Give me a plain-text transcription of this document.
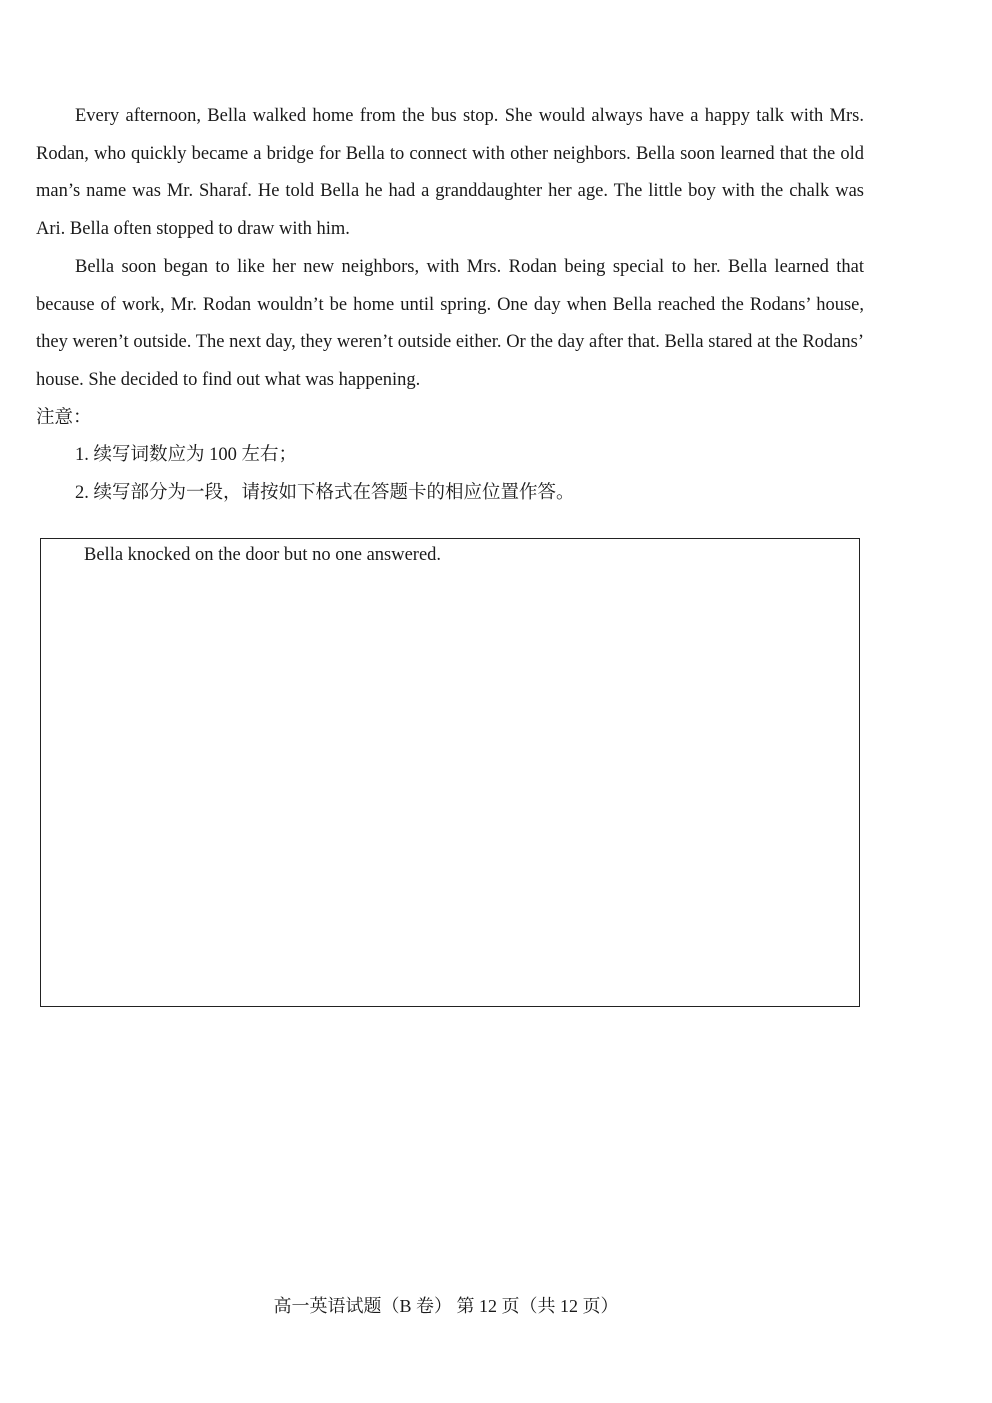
Every afternoon, Bella walked home from the bus stop. She would always have a happy talk with Mrs. Rodan, who quickly became a bridge for Bella to connect with other neighbors. Bella soon learned that the old man’s name was Mr. Sharaf. He told Bella he had a granddaughter her age. The little boy with the chalk was Ari. Bella often stopped to draw with him.

Bella soon began to like her new neighbors, with Mrs. Rodan being special to her. Bella learned that because of work, Mr. Rodan wouldn’t be home until spring. One day when Bella reached the Rodans’ house, they weren’t outside. The next day, they weren’t outside either. Or the day after that. Bella stared at the Rodans’ house. She decided to find out what was happening.

注意：

1. 续写词数应为 100 左右；

2. 续写部分为一段，请按如下格式在答题卡的相应位置作答。

Bella knocked on the door but no one answered.

高一英语试题（B 卷） 第 12 页（共 12 页）
